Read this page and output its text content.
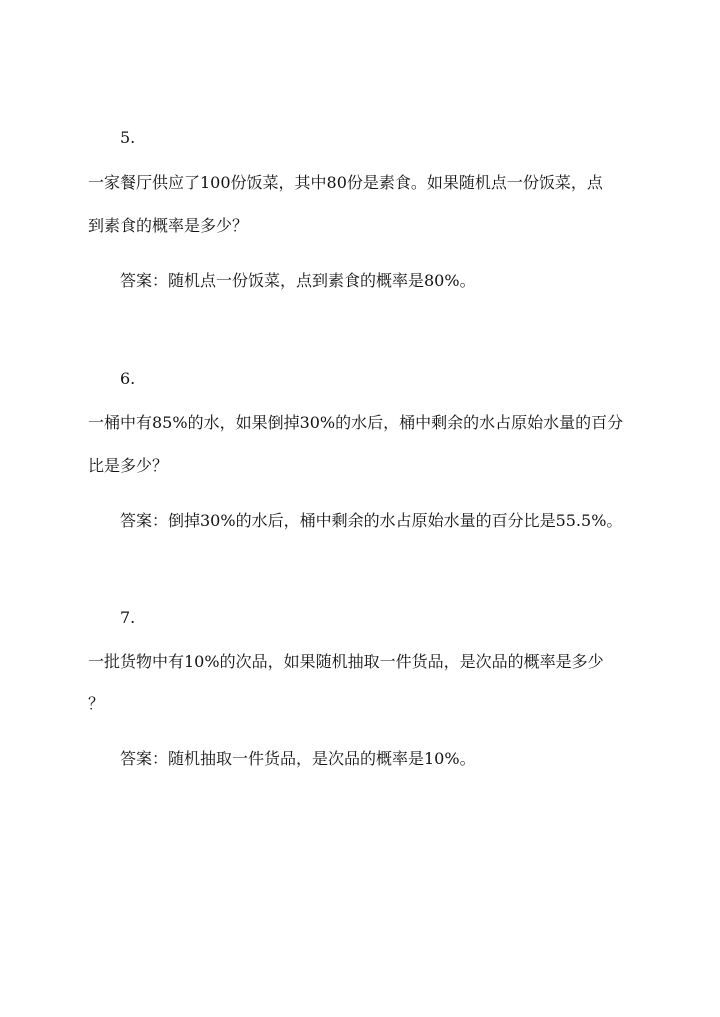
5.
一家餐厅供应了100份饭菜，其中80份是素食。如果随机点一份饭菜，点
到素食的概率是多少？
答案：随机点一份饭菜，点到素食的概率是80%。
6.
一桶中有85%的水，如果倒掉30%的水后，桶中剩余的水占原始水量的百分
比是多少？
答案：倒掉30%的水后，桶中剩余的水占原始水量的百分比是55.5%。
7.
一批货物中有10%的次品，如果随机抽取一件货品，是次品的概率是多少
？
答案：随机抽取一件货品，是次品的概率是10%。
